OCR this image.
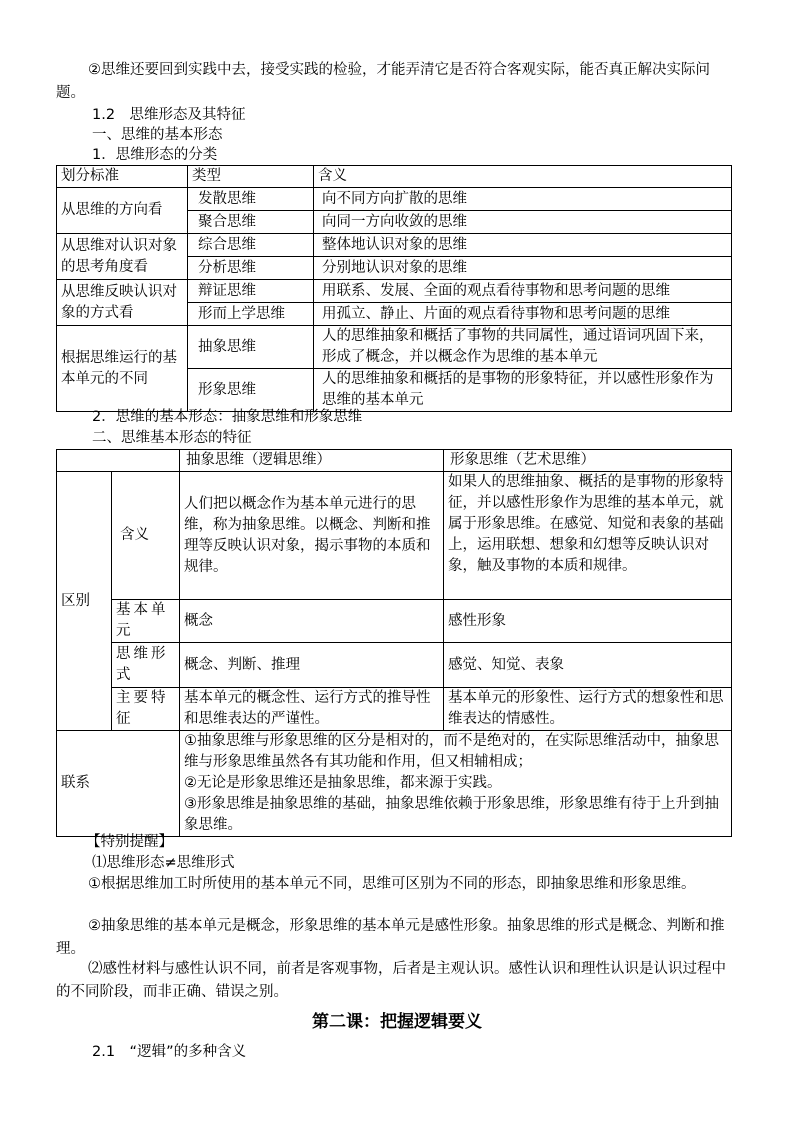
②思维还要回到实践中去，接受实践的检验，才能弄清它是否符合客观实际，能否真正解决实际问题。

1.2　思维形态及其特征

一、思维的基本形态

1．思维形态的分类

划分标准	类型	含义
从思维的方向看	发散思维	向不同方向扩散的思维
	聚合思维	向同一方向收敛的思维
从思维对认识对象的思考角度看	综合思维	整体地认识对象的思维
	分析思维	分别地认识对象的思维
从思维反映认识对象的方式看	辩证思维	用联系、发展、全面的观点看待事物和思考问题的思维
	形而上学思维	用孤立、静止、片面的观点看待事物和思考问题的思维
根据思维运行的基本单元的不同	抽象思维	人的思维抽象和概括了事物的共同属性，通过语词巩固下来，形成了概念，并以概念作为思维的基本单元
	形象思维	人的思维抽象和概括的是事物的形象特征，并以感性形象作为思维的基本单元

2．思维的基本形态：抽象思维和形象思维

二、思维基本形态的特征

		抽象思维（逻辑思维）	形象思维（艺术思维）
区别	含义	人们把以概念作为基本单元进行的思维，称为抽象思维。以概念、判断和推理等反映认识对象，揭示事物的本质和规律。	如果人的思维抽象、概括的是事物的形象特征，并以感性形象作为思维的基本单元，就属于形象思维。在感觉、知觉和表象的基础上，运用联想、想象和幻想等反映认识对象，触及事物的本质和规律。
	基本单元	概念	感性形象
	思维形式	概念、判断、推理	感觉、知觉、表象
	主要特征	基本单元的概念性、运行方式的推导性和思维表达的严谨性。	基本单元的形象性、运行方式的想象性和思维表达的情感性。
联系		①抽象思维与形象思维的区分是相对的，而不是绝对的，在实际思维活动中，抽象思维与形象思维虽然各有其功能和作用，但又相辅相成；
②无论是形象思维还是抽象思维，都来源于实践。
③形象思维是抽象思维的基础，抽象思维依赖于形象思维，形象思维有待于上升到抽象思维。	

【特别提醒】

⑴思维形态≠思维形式

①根据思维加工时所使用的基本单元不同，思维可区别为不同的形态，即抽象思维和形象思维。

②抽象思维的基本单元是概念，形象思维的基本单元是感性形象。抽象思维的形式是概念、判断和推理。

⑵感性材料与感性认识不同，前者是客观事物，后者是主观认识。感性认识和理性认识是认识过程中的不同阶段，而非正确、错误之别。

第二课：把握逻辑要义

2.1　“逻辑”的多种含义
